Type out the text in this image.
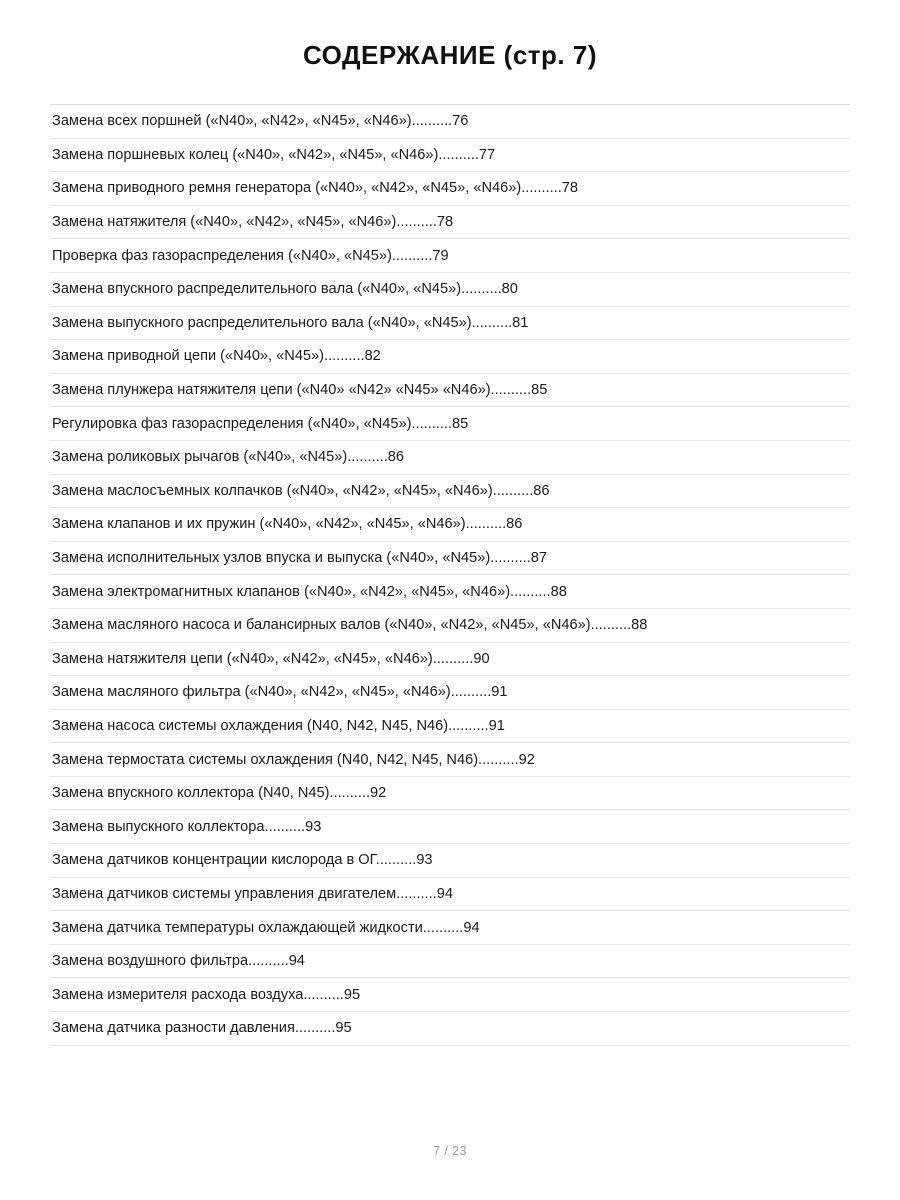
СОДЕРЖАНИЕ (стр. 7)
Замена всех поршней («N40», «N42», «N45», «N46»)..........76
Замена поршневых колец («N40», «N42», «N45», «N46»)..........77
Замена приводного ремня генератора («N40», «N42», «N45», «N46»)..........78
Замена натяжителя («N40», «N42», «N45», «N46»)..........78
Проверка фаз газораспределения («N40», «N45»)..........79
Замена впускного распределительного вала («N40», «N45»)..........80
Замена выпускного распределительного вала («N40», «N45»)..........81
Замена приводной цепи («N40», «N45»)..........82
Замена плунжера натяжителя цепи («N40» «N42» «N45» «N46»)..........85
Регулировка фаз газораспределения («N40», «N45»)..........85
Замена роликовых рычагов («N40», «N45»)..........86
Замена маслосъемных колпачков («N40», «N42», «N45», «N46»)..........86
Замена клапанов и их пружин («N40», «N42», «N45», «N46»)..........86
Замена исполнительных узлов впуска и выпуска («N40», «N45»)..........87
Замена электромагнитных клапанов («N40», «N42», «N45», «N46»)..........88
Замена масляного насоса и балансирных валов («N40», «N42», «N45», «N46»)..........88
Замена натяжителя цепи («N40», «N42», «N45», «N46»)..........90
Замена масляного фильтра («N40», «N42», «N45», «N46»)..........91
Замена насоса системы охлаждения (N40, N42, N45, N46)..........91
Замена термостата системы охлаждения (N40, N42, N45, N46)..........92
Замена впускного коллектора (N40, N45)..........92
Замена выпускного коллектора..........93
Замена датчиков концентрации кислорода в ОГ..........93
Замена датчиков системы управления двигателем..........94
Замена датчика температуры охлаждающей жидкости..........94
Замена воздушного фильтра..........94
Замена измерителя расхода воздуха..........95
Замена датчика разности давления..........95
7 / 23
